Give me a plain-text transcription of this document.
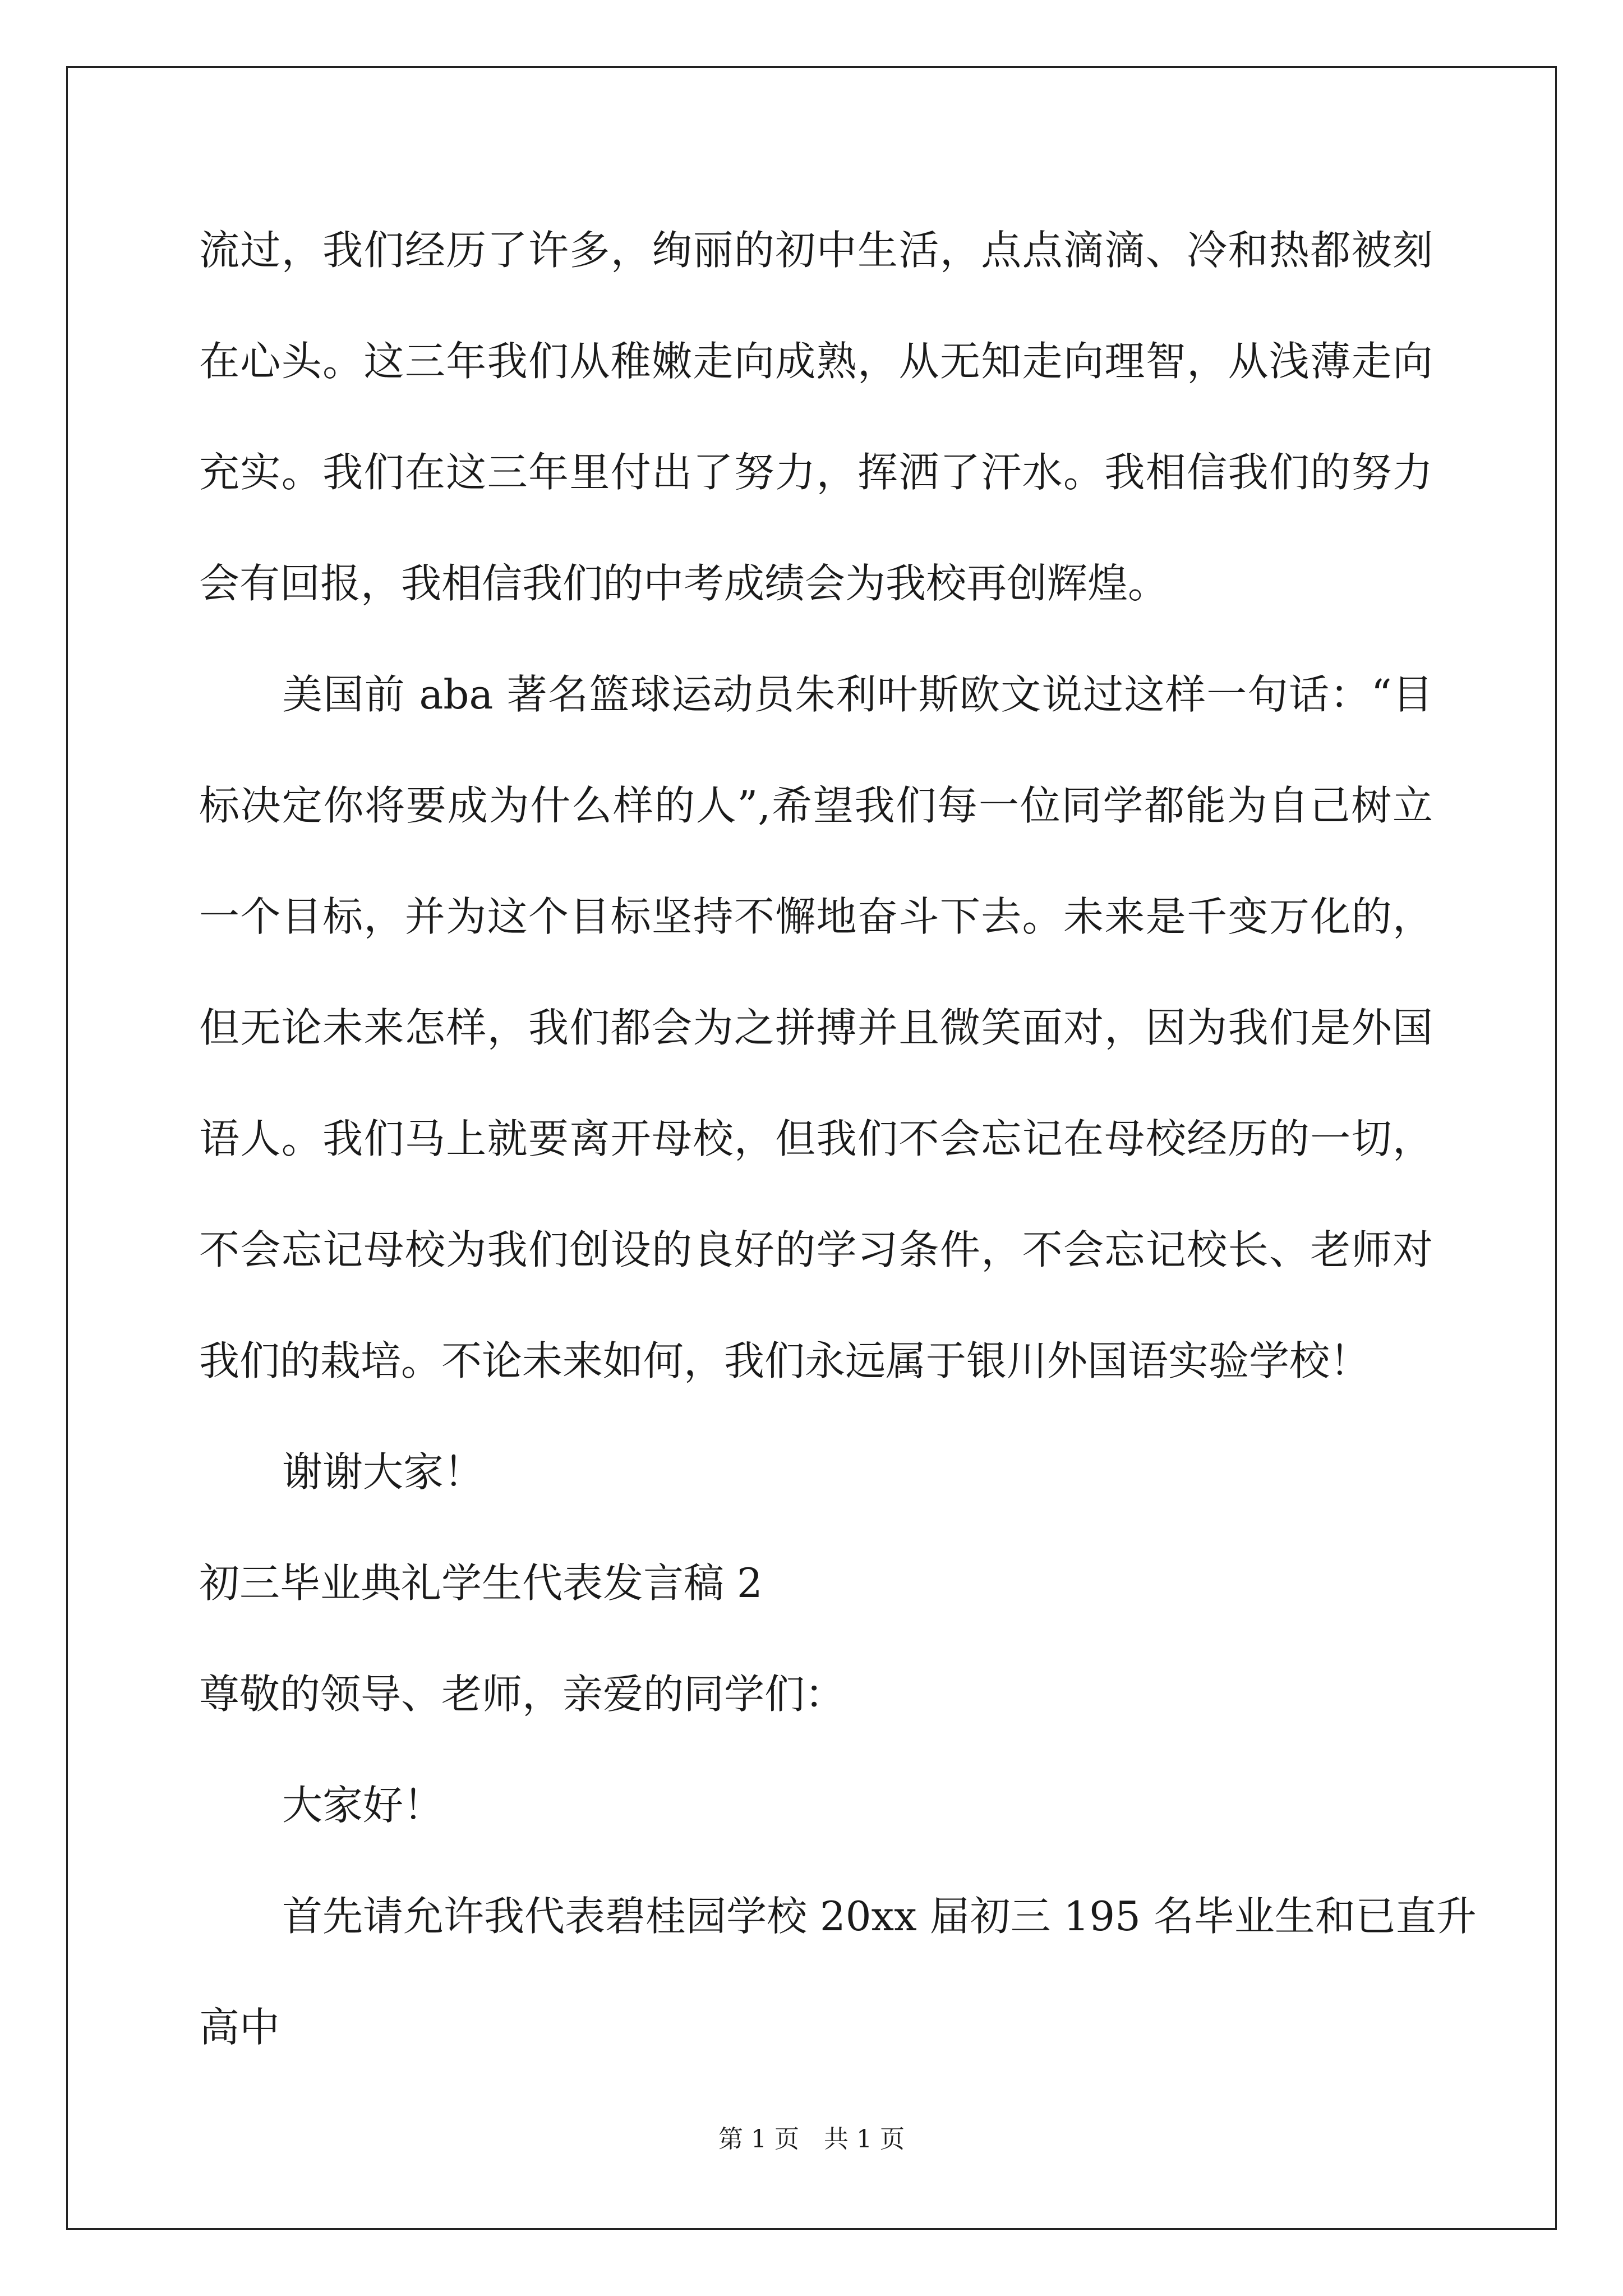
流过，我们经历了许多，绚丽的初中生活，点点滴滴、冷和热都被刻
在心头。这三年我们从稚嫩走向成熟，从无知走向理智，从浅薄走向
充实。我们在这三年里付出了努力，挥洒了汗水。我相信我们的努力
会有回报，我相信我们的中考成绩会为我校再创辉煌。
美国前 aba 著名篮球运动员朱利叶斯欧文说过这样一句话：“目
标决定你将要成为什么样的人”,希望我们每一位同学都能为自己树立
一个目标，并为这个目标坚持不懈地奋斗下去。未来是千变万化的，
但无论未来怎样，我们都会为之拼搏并且微笑面对，因为我们是外国
语人。我们马上就要离开母校，但我们不会忘记在母校经历的一切，
不会忘记母校为我们创设的良好的学习条件，不会忘记校长、老师对
我们的栽培。不论未来如何，我们永远属于银川外国语实验学校！
谢谢大家！
初三毕业典礼学生代表发言稿 2
尊敬的领导、老师，亲爱的同学们：
大家好！
首先请允许我代表碧桂园学校 20xx 届初三 195 名毕业生和已直升
高中
第 1 页　共 1 页
